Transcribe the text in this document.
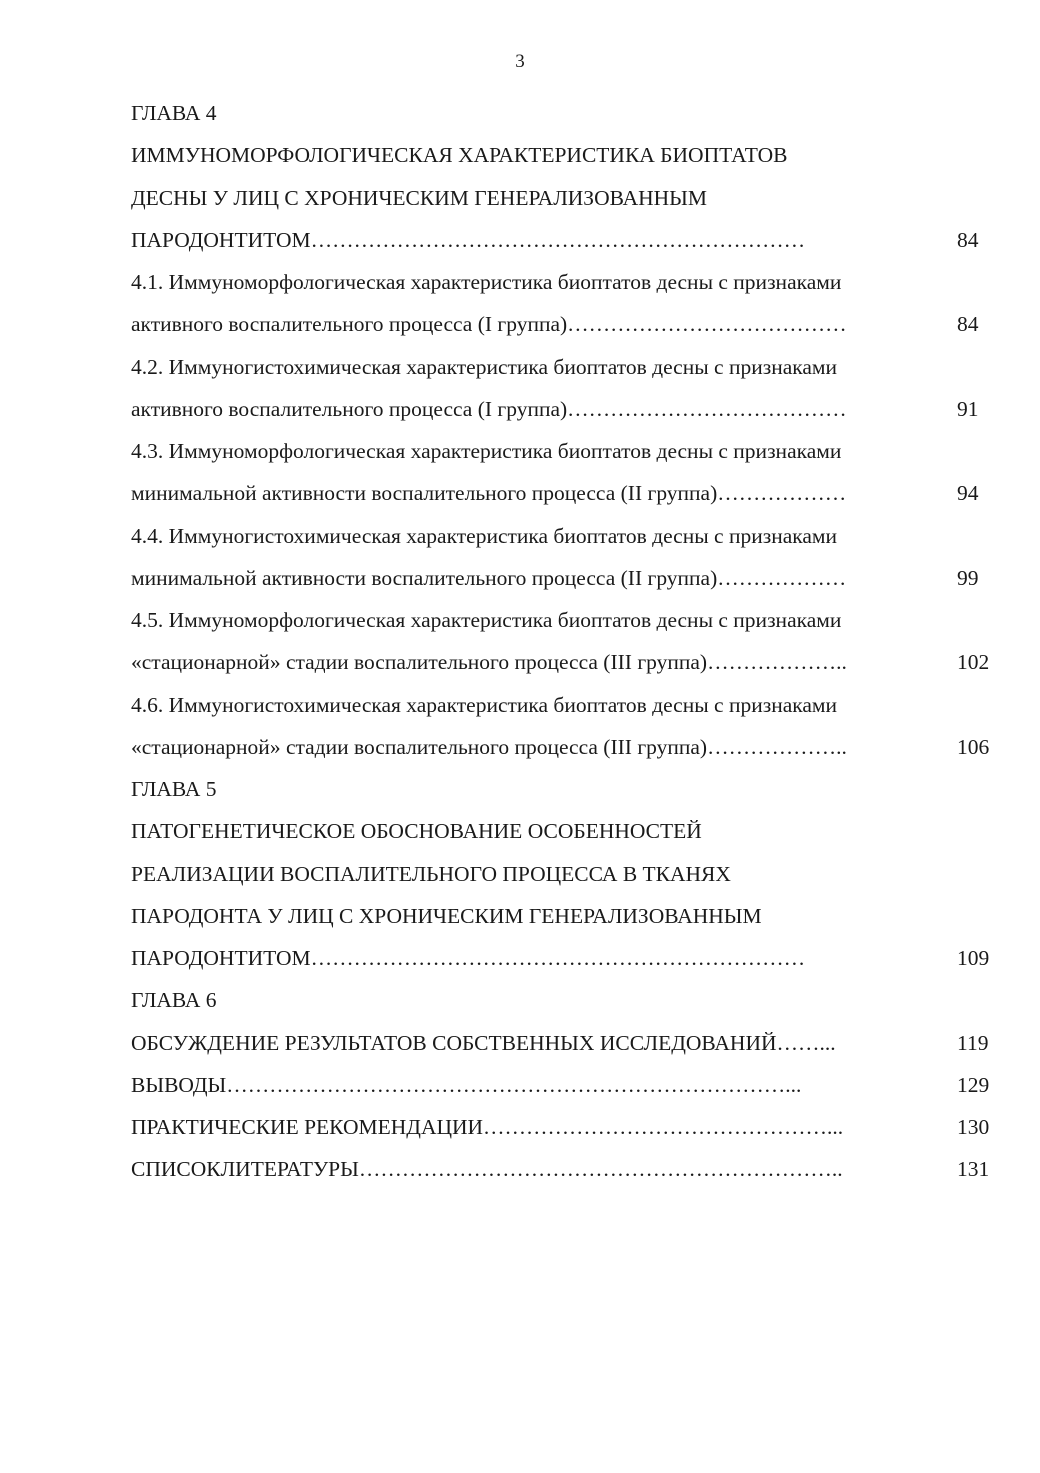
3
ГЛАВА 4
ИММУНОМОРФОЛОГИЧЕСКАЯ ХАРАКТЕРИСТИКА БИОПТАТОВ
ДЕСНЫ У ЛИЦ С ХРОНИЧЕСКИМ ГЕНЕРАЛИЗОВАННЫМ
ПАРОДОНТИТОМ……………………………………………………………	84
4.1. Иммуноморфологическая характеристика биоптатов десны с признаками
активного воспалительного процесса (I группа)…………………………………	84
4.2. Иммуногистохимическая характеристика биоптатов десны с признаками
активного воспалительного процесса (I группа)…………………………………	91
4.3. Иммуноморфологическая характеристика биоптатов десны с признаками
минимальной активности воспалительного процесса (II группа)………………	94
4.4. Иммуногистохимическая характеристика биоптатов десны с признаками
минимальной активности воспалительного процесса (II группа)………………	99
4.5. Иммуноморфологическая характеристика биоптатов десны с признаками
«стационарной» стадии воспалительного процесса (III группа)………………..	102
4.6. Иммуногистохимическая характеристика биоптатов десны с признаками
«стационарной» стадии воспалительного процесса (III группа)………………..	106
ГЛАВА 5
ПАТОГЕНЕТИЧЕСКОЕ ОБОСНОВАНИЕ ОСОБЕННОСТЕЙ
РЕАЛИЗАЦИИ ВОСПАЛИТЕЛЬНОГО ПРОЦЕССА В ТКАНЯХ
ПАРОДОНТА У ЛИЦ С ХРОНИЧЕСКИМ ГЕНЕРАЛИЗОВАННЫМ
ПАРОДОНТИТОМ……………………………………………………………	109
ГЛАВА 6
ОБСУЖДЕНИЕ РЕЗУЛЬТАТОВ СОБСТВЕННЫХ ИССЛЕДОВАНИЙ……...	119
ВЫВОДЫ……………………………………………………………………...	129
ПРАКТИЧЕСКИЕ РЕКОМЕНДАЦИИ…………………………………………...	130
СПИСОКЛИТЕРАТУРЫ…………………………………………………………..	131
